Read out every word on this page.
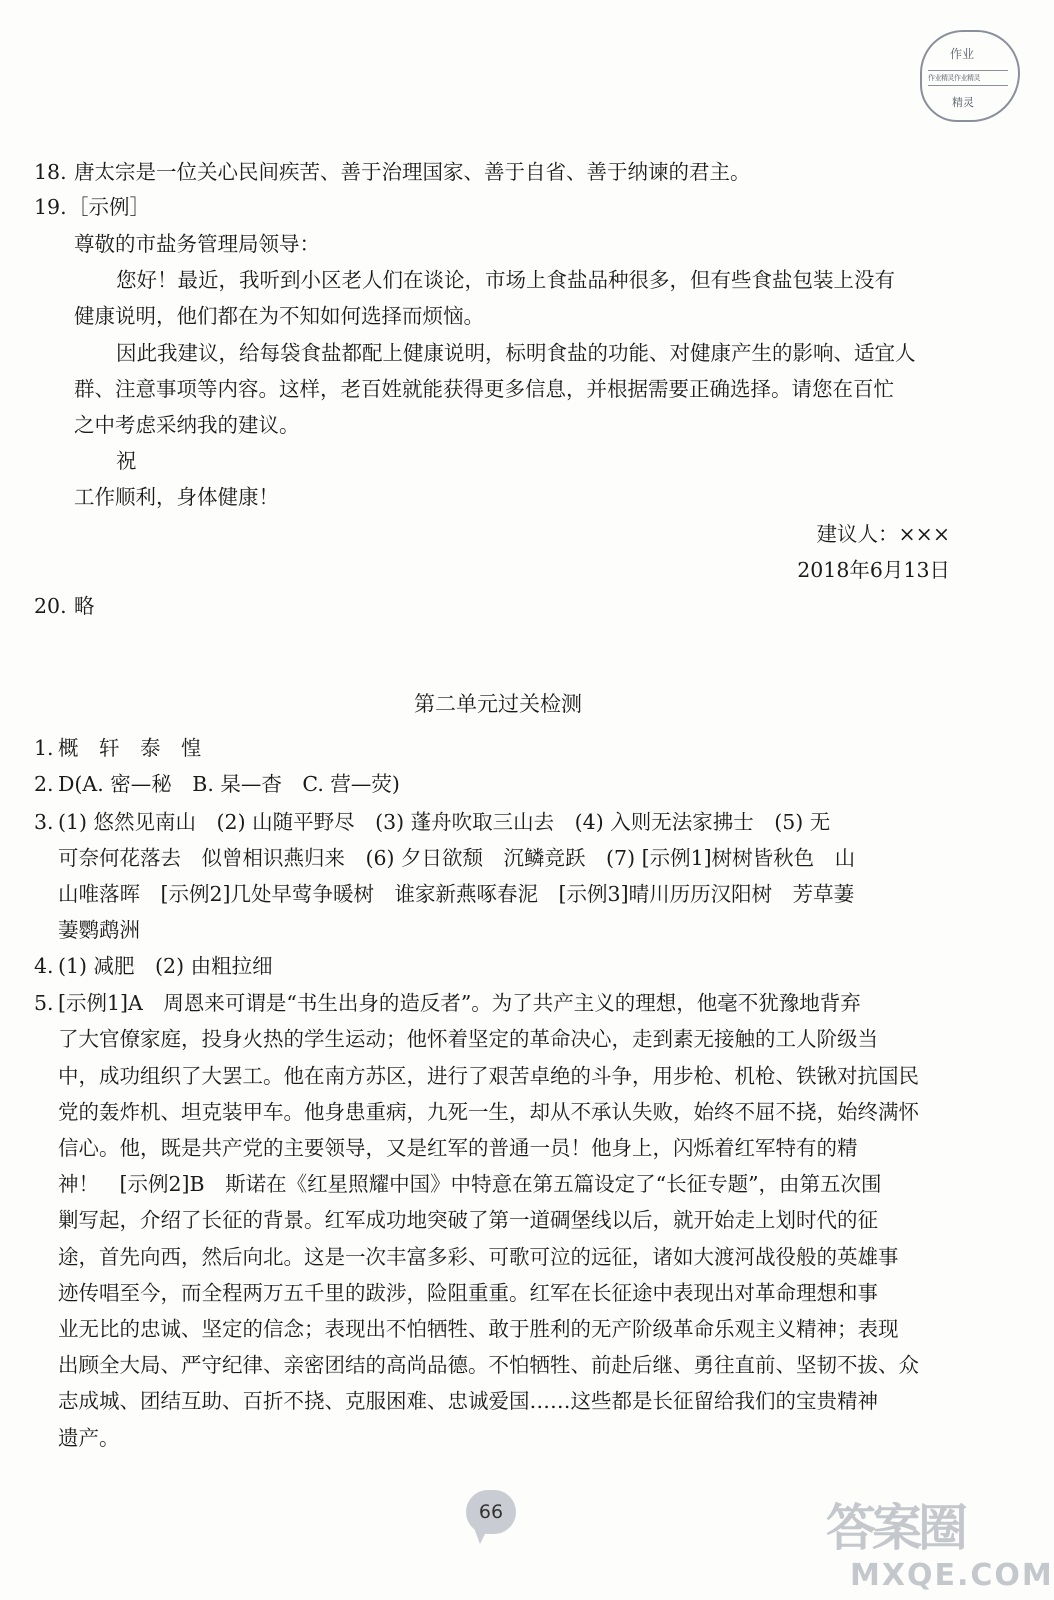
作业
作业精灵作业精灵
精灵
18. 唐太宗是一位关心民间疾苦、善于治理国家、善于自省、善于纳谏的君主。
19. ［示例］
尊敬的市盐务管理局领导：
您好！最近，我听到小区老人们在谈论，市场上食盐品种很多，但有些食盐包装上没有
健康说明，他们都在为不知如何选择而烦恼。
因此我建议，给每袋食盐都配上健康说明，标明食盐的功能、对健康产生的影响、适宜人
群、注意事项等内容。这样，老百姓就能获得更多信息，并根据需要正确选择。请您在百忙
之中考虑采纳我的建议。
祝
工作顺利，身体健康！
建议人：×××
2018年6月13日
20. 略
第二单元过关检测
1. 概　轩　泰　惶
2. D(A. 密—秘　B. 杲—杳　C. 营—荧)
3. (1) 悠然见南山　(2) 山随平野尽　(3) 蓬舟吹取三山去　(4) 入则无法家拂士　(5) 无
可奈何花落去　似曾相识燕归来　(6) 夕日欲颓　沉鳞竞跃　(7) [示例1]树树皆秋色　山
山唯落晖　[示例2]几处早莺争暖树　谁家新燕啄春泥　[示例3]晴川历历汉阳树　芳草萋
萋鹦鹉洲
4. (1) 减肥　(2) 由粗拉细
5. [示例1]A　周恩来可谓是“书生出身的造反者”。为了共产主义的理想，他毫不犹豫地背弃
了大官僚家庭，投身火热的学生运动；他怀着坚定的革命决心，走到素无接触的工人阶级当
中，成功组织了大罢工。他在南方苏区，进行了艰苦卓绝的斗争，用步枪、机枪、铁锹对抗国民
党的轰炸机、坦克装甲车。他身患重病，九死一生，却从不承认失败，始终不屈不挠，始终满怀
信心。他，既是共产党的主要领导，又是红军的普通一员！他身上，闪烁着红军特有的精
神！　[示例2]B　斯诺在《红星照耀中国》中特意在第五篇设定了“长征专题”，由第五次围
剿写起，介绍了长征的背景。红军成功地突破了第一道碉堡线以后，就开始走上划时代的征
途，首先向西，然后向北。这是一次丰富多彩、可歌可泣的远征，诸如大渡河战役般的英雄事
迹传唱至今，而全程两万五千里的跋涉，险阻重重。红军在长征途中表现出对革命理想和事
业无比的忠诚、坚定的信念；表现出不怕牺牲、敢于胜利的无产阶级革命乐观主义精神；表现
出顾全大局、严守纪律、亲密团结的高尚品德。不怕牺牲、前赴后继、勇往直前、坚韧不拔、众
志成城、团结互助、百折不挠、克服困难、忠诚爱国……这些都是长征留给我们的宝贵精神
遗产。
66	答案圈
MXQE.COM
